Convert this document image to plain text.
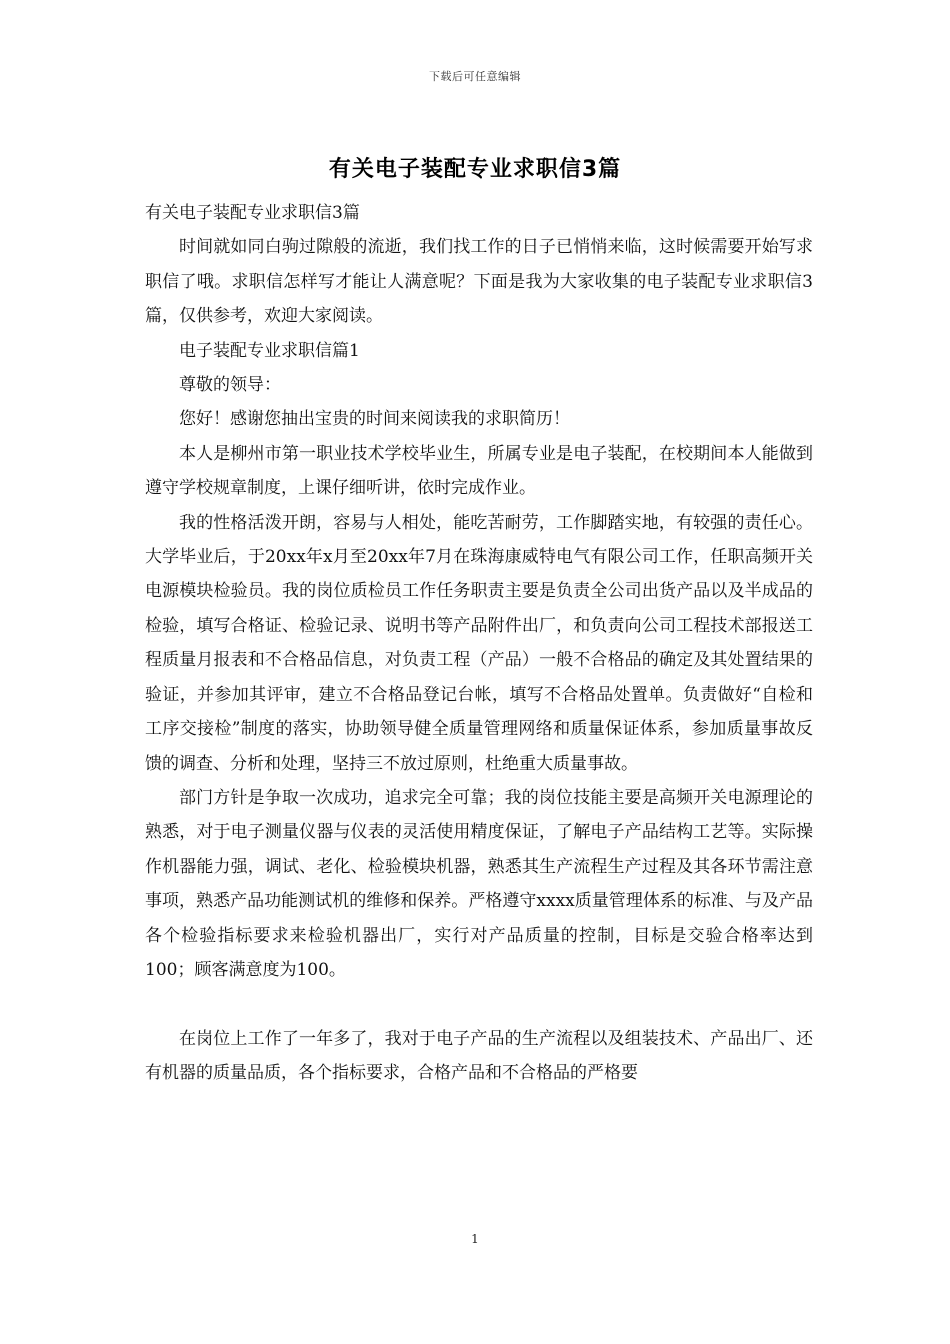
下载后可任意编辑
有关电子装配专业求职信3篇

有关电子装配专业求职信3篇

时间就如同白驹过隙般的流逝，我们找工作的日子已悄悄来临，这时候需要开始写求职信了哦。求职信怎样写才能让人满意呢？下面是我为大家收集的电子装配专业求职信3篇，仅供参考，欢迎大家阅读。

电子装配专业求职信篇1

尊敬的领导：

您好！感谢您抽出宝贵的时间来阅读我的求职简历！

本人是柳州市第一职业技术学校毕业生，所属专业是电子装配，在校期间本人能做到遵守学校规章制度，上课仔细听讲，依时完成作业。

我的性格活泼开朗，容易与人相处，能吃苦耐劳，工作脚踏实地，有较强的责任心。大学毕业后，于20xx年x月至20xx年7月在珠海康威特电气有限公司工作，任职高频开关电源模块检验员。我的岗位质检员工作任务职责主要是负责全公司出货产品以及半成品的检验，填写合格证、检验记录、说明书等产品附件出厂，和负责向公司工程技术部报送工程质量月报表和不合格品信息，对负责工程（产品）一般不合格品的确定及其处置结果的验证，并参加其评审，建立不合格品登记台帐，填写不合格品处置单。负责做好“自检和工序交接检”制度的落实，协助领导健全质量管理网络和质量保证体系，参加质量事故反馈的调查、分析和处理，坚持三不放过原则，杜绝重大质量事故。

部门方针是争取一次成功，追求完全可靠；我的岗位技能主要是高频开关电源理论的熟悉，对于电子测量仪器与仪表的灵活使用精度保证，了解电子产品结构工艺等。实际操作机器能力强，调试、老化、检验模块机器，熟悉其生产流程生产过程及其各环节需注意事项，熟悉产品功能测试机的维修和保养。严格遵守xxxx质量管理体系的标准、与及产品各个检验指标要求来检验机器出厂，实行对产品质量的控制，目标是交验合格率达到100；顾客满意度为100。

在岗位上工作了一年多了，我对于电子产品的生产流程以及组装技术、产品出厂、还有机器的质量品质，各个指标要求，合格产品和不合格品的严格要

1
